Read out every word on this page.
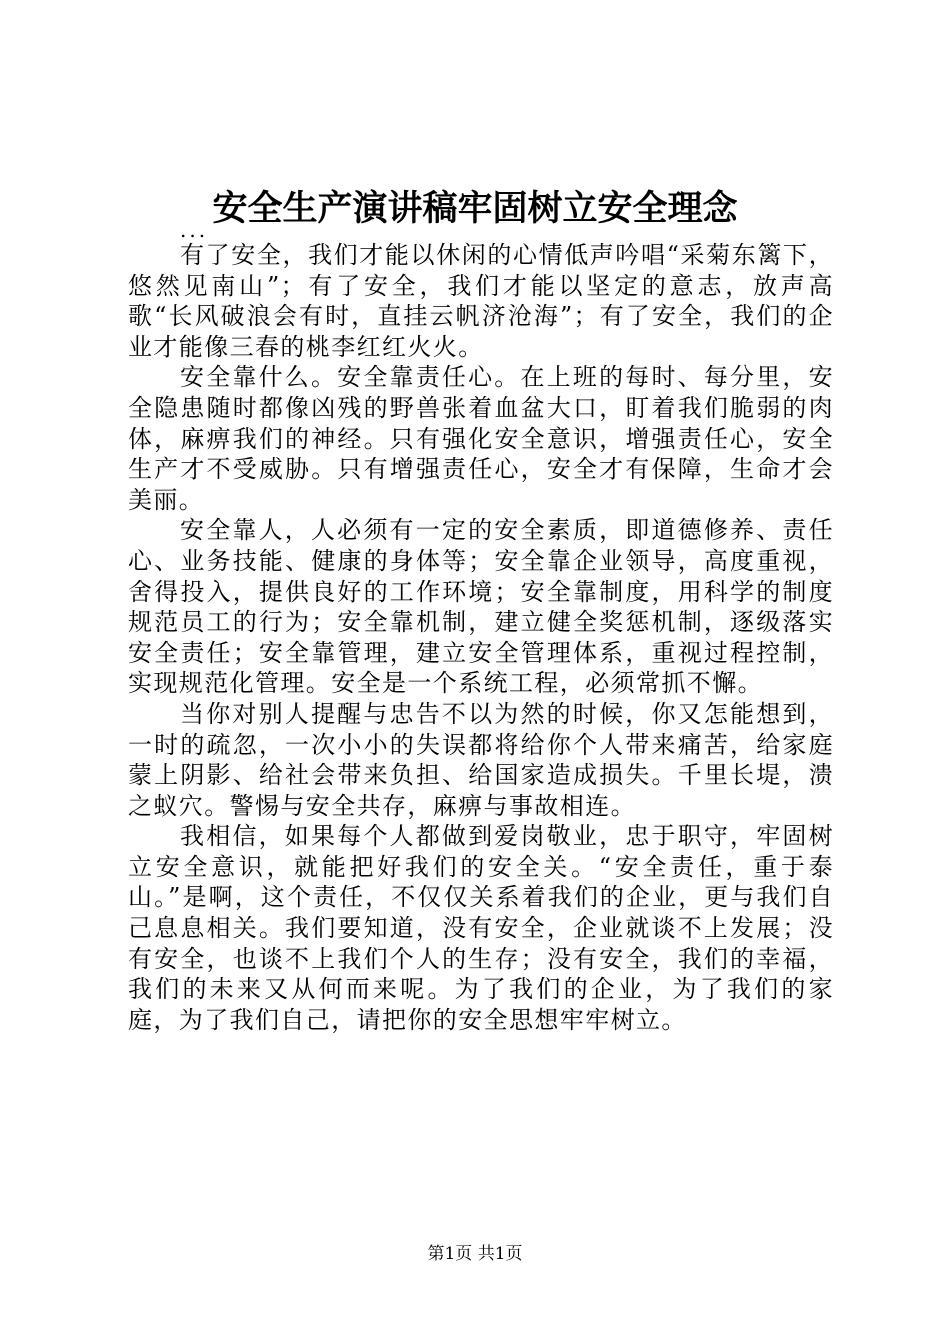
安全生产演讲稿牢固树立安全理念
...

有了安全，我们才能以休闲的心情低声吟唱“采菊东篱下，悠然见南山”；有了安全，我们才能以坚定的意志，放声高歌“长风破浪会有时，直挂云帆济沧海”；有了安全，我们的企业才能像三春的桃李红红火火。

安全靠什么。安全靠责任心。在上班的每时、每分里，安全隐患随时都像凶残的野兽张着血盆大口，盯着我们脆弱的肉体，麻痹我们的神经。只有强化安全意识，增强责任心，安全生产才不受威胁。只有增强责任心，安全才有保障，生命才会美丽。

安全靠人，人必须有一定的安全素质，即道德修养、责任心、业务技能、健康的身体等；安全靠企业领导，高度重视，舍得投入，提供良好的工作环境；安全靠制度，用科学的制度规范员工的行为；安全靠机制，建立健全奖惩机制，逐级落实安全责任；安全靠管理，建立安全管理体系，重视过程控制，实现规范化管理。安全是一个系统工程，必须常抓不懈。

当你对别人提醒与忠告不以为然的时候，你又怎能想到，一时的疏忽，一次小小的失误都将给你个人带来痛苦，给家庭蒙上阴影、给社会带来负担、给国家造成损失。千里长堤，溃之蚁穴。警惕与安全共存，麻痹与事故相连。

我相信，如果每个人都做到爱岗敬业，忠于职守，牢固树立安全意识，就能把好我们的安全关。“安全责任，重于泰山。”是啊，这个责任，不仅仅关系着我们的企业，更与我们自己息息相关。我们要知道，没有安全，企业就谈不上发展；没有安全，也谈不上我们个人的生存；没有安全，我们的幸福，我们的未来又从何而来呢。为了我们的企业，为了我们的家庭，为了我们自己，请把你的安全思想牢牢树立。

第1页 共1页
